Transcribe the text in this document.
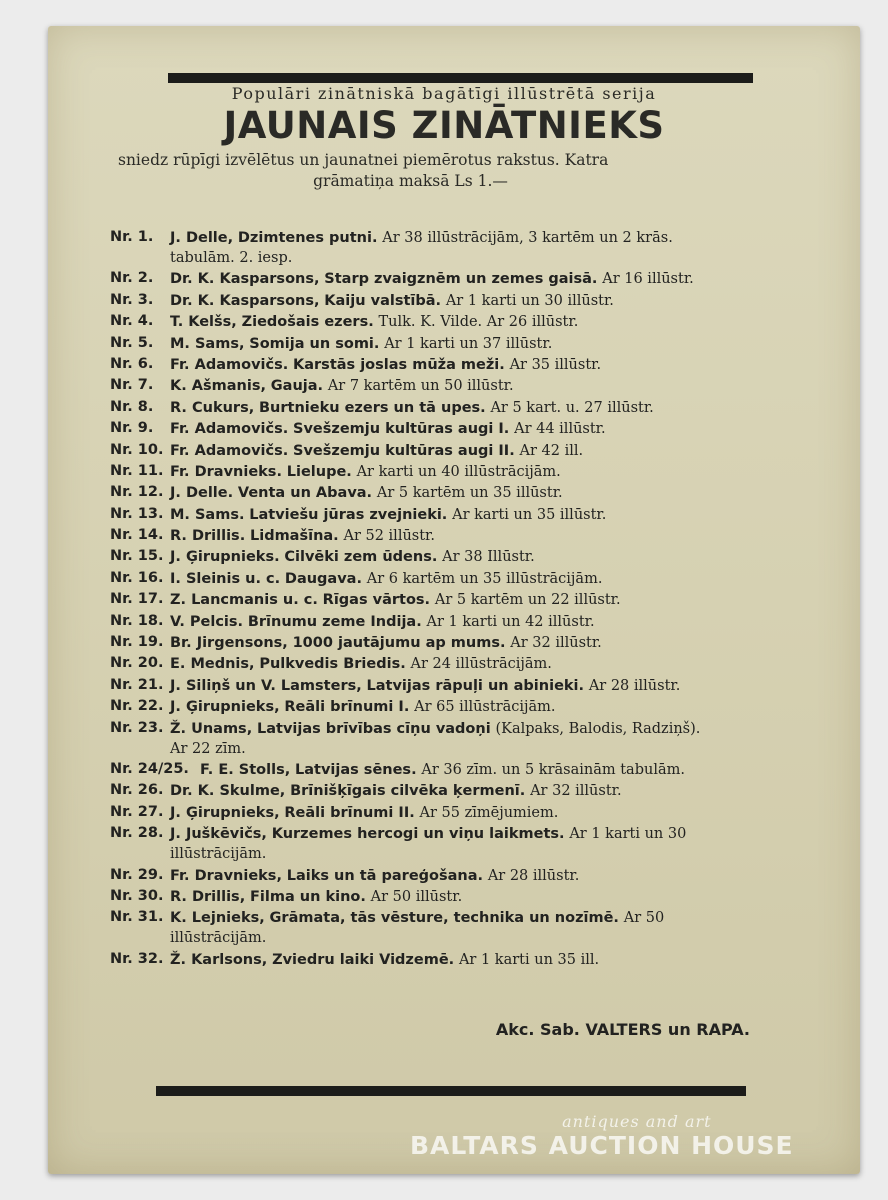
Populāri zinātniskā bagātīgi illūstrētā serija
JAUNAIS ZINĀTNIEKS
sniedz rūpīgi izvēlētus un jaunatnei piemērotus rakstus. Katra
grāmatiņa maksā Ls 1.—
Nr. 1.	J. Delle, Dzimtenes putni. Ar 38 illūstrācijām, 3 kartēm un 2 krās. tabulām. 2. iesp.
Nr. 2.	Dr. K. Kasparsons, Starp zvaigznēm un zemes gaisā. Ar 16 illūstr.
Nr. 3.	Dr. K. Kasparsons, Kaiju valstībā. Ar 1 karti un 30 illūstr.
Nr. 4.	T. Kelšs, Ziedošais ezers. Tulk. K. Vilde. Ar 26 illūstr.
Nr. 5.	M. Sams, Somija un somi. Ar 1 karti un 37 illūstr.
Nr. 6.	Fr. Adamovičs. Karstās joslas mūža meži. Ar 35 illūstr.
Nr. 7.	K. Ašmanis, Gauja. Ar 7 kartēm un 50 illūstr.
Nr. 8.	R. Cukurs, Burtnieku ezers un tā upes. Ar 5 kart. u. 27 illūstr.
Nr. 9.	Fr. Adamovičs. Svešzemju kultūras augi I. Ar 44 illūstr.
Nr. 10. Fr. Adamovičs. Svešzemju kultūras augi II. Ar 42 ill.
Nr. 11. Fr. Dravnieks. Lielupe. Ar karti un 40 illūstrācijām.
Nr. 12. J. Delle. Venta un Abava. Ar 5 kartēm un 35 illūstr.
Nr. 13. M. Sams. Latviešu jūras zvejnieki. Ar karti un 35 illūstr.
Nr. 14. R. Drillis. Lidmašīna. Ar 52 illūstr.
Nr. 15. J. Ģirupnieks. Cilvēki zem ūdens. Ar 38 Illūstr.
Nr. 16. I. Sleinis u. c. Daugava. Ar 6 kartēm un 35 illūstrācijām.
Nr. 17. Z. Lancmanis u. c. Rīgas vārtos. Ar 5 kartēm un 22 illūstr.
Nr. 18. V. Pelcis. Brīnumu zeme Indija. Ar 1 karti un 42 illūstr.
Nr. 19. Br. Jirgensons, 1000 jautājumu ap mums. Ar 32 illūstr.
Nr. 20. E. Mednis, Pulkvedis Briedis. Ar 24 illūstrācijām.
Nr. 21. J. Siliņš un V. Lamsters, Latvijas rāpuļi un abinieki. Ar 28 illūstr.
Nr. 22. J. Ģirupnieks, Reāli brīnumi I. Ar 65 illūstrācijām.
Nr. 23. Ž. Unams, Latvijas brīvības cīņu vadoņi (Kalpaks, Balodis, Radziņš). Ar 22 zīm.
Nr. 24/25. F. E. Stolls, Latvijas sēnes. Ar 36 zīm. un 5 krāsainām tabulām.
Nr. 26. Dr. K. Skulme, Brīnišķīgais cilvēka ķermenī. Ar 32 illūstr.
Nr. 27. J. Ģirupnieks, Reāli brīnumi II. Ar 55 zīmējumiem.
Nr. 28. J. Juškēvičs, Kurzemes hercogi un viņu laikmets. Ar 1 karti un 30 illūstrācijām.
Nr. 29. Fr. Dravnieks, Laiks un tā pareģošana. Ar 28 illūstr.
Nr. 30. R. Drillis, Filma un kino. Ar 50 illūstr.
Nr. 31. K. Lejnieks, Grāmata, tās vēsture, technika un nozīmē. Ar 50 illūstrācijām.
Nr. 32. Ž. Karlsons, Zviedru laiki Vidzemē. Ar 1 karti un 35 ill.
Akc. Sab. VALTERS un RAPA.
antiques and art
BALTARS AUCTION HOUSE
